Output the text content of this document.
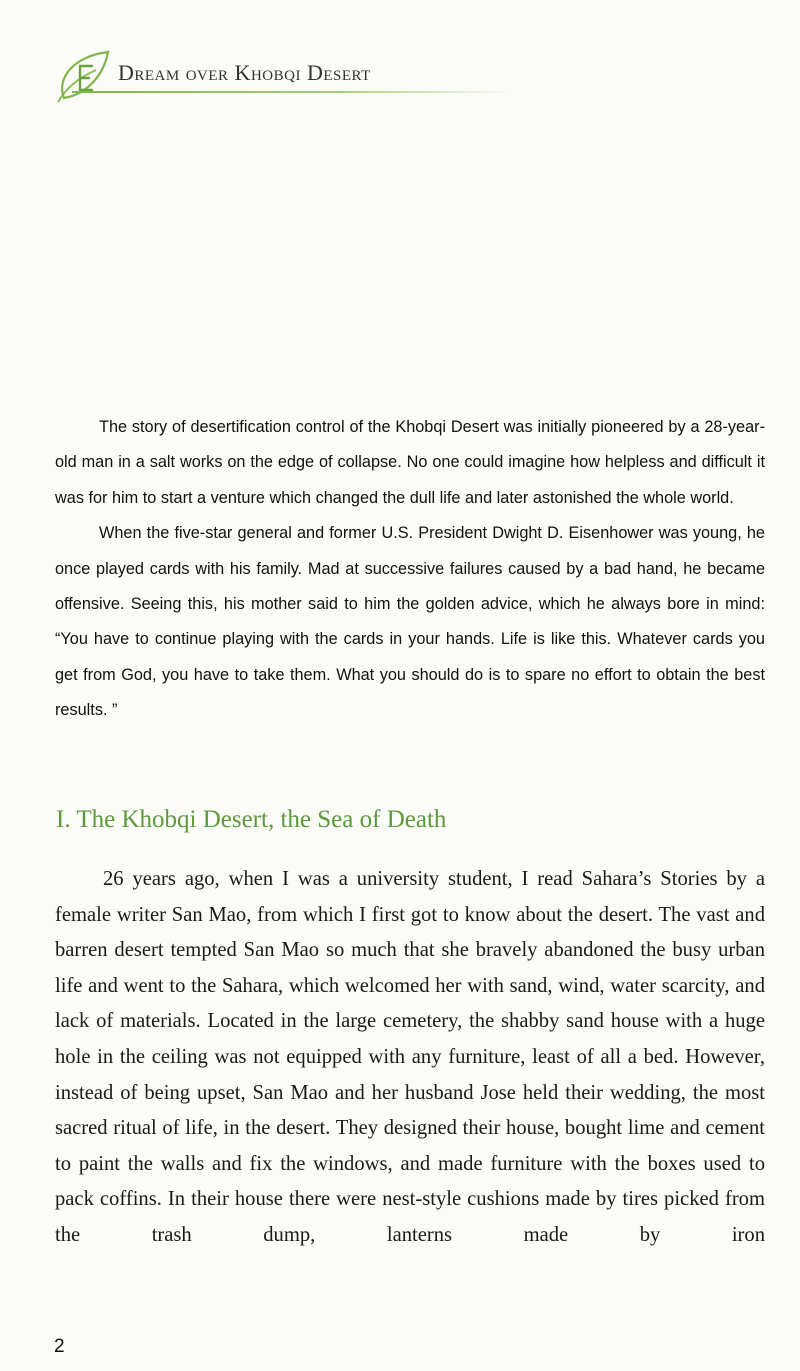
Dream over Khobqi Desert

The story of desertification control of the Khobqi Desert was initially pioneered by a 28-year-old man in a salt works on the edge of collapse. No one could imagine how helpless and difficult it was for him to start a venture which changed the dull life and later astonished the whole world.

When the five-star general and former U.S. President Dwight D. Eisenhower was young, he once played cards with his family. Mad at successive failures caused by a bad hand, he became offensive. Seeing this, his mother said to him the golden advice, which he always bore in mind: “You have to continue playing with the cards in your hands. Life is like this. Whatever cards you get from God, you have to take them. What you should do is to spare no effort to obtain the best results. ”

I. The Khobqi Desert, the Sea of Death

26 years ago, when I was a university student, I read Sahara’s Stories by a female writer San Mao, from which I first got to know about the desert. The vast and barren desert tempted San Mao so much that she bravely abandoned the busy urban life and went to the Sahara, which welcomed her with sand, wind, water scarcity, and lack of materials. Located in the large cemetery, the shabby sand house with a huge hole in the ceiling was not equipped with any furniture, least of all a bed. However, instead of being upset, San Mao and her husband Jose held their wedding, the most sacred ritual of life, in the desert. They designed their house, bought lime and cement to paint the walls and fix the windows, and made furniture with the boxes used to pack coffins. In their house there were nest-style cushions made by tires picked from the trash dump, lanterns made by iron

2
